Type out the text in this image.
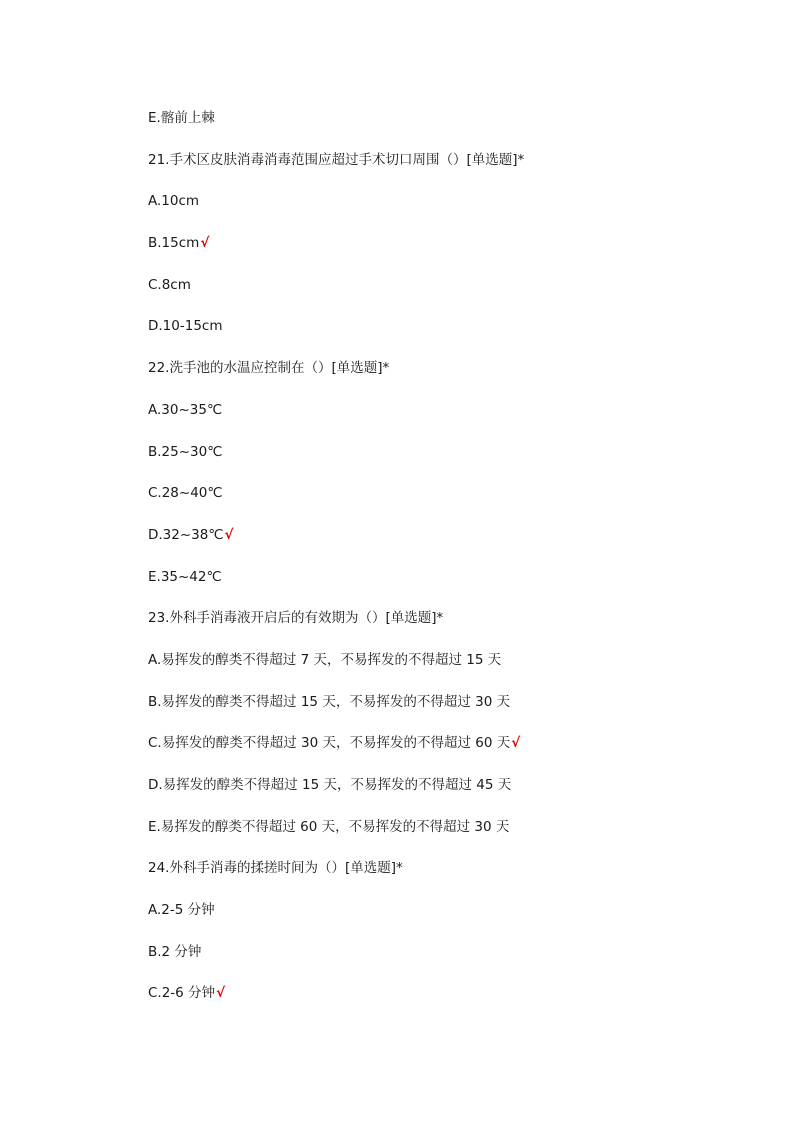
E.髂前上棘
21.手术区皮肤消毒消毒范围应超过手术切口周围（）[单选题]*
A.10cm
B.15cm√
C.8cm
D.10-15cm
22.洗手池的水温应控制在（）[单选题]*
A.30~35℃
B.25~30℃
C.28~40℃
D.32~38℃√
E.35~42℃
23.外科手消毒液开启后的有效期为（）[单选题]*
A.易挥发的醇类不得超过 7 天，不易挥发的不得超过 15 天
B.易挥发的醇类不得超过 15 天，不易挥发的不得超过 30 天
C.易挥发的醇类不得超过 30 天，不易挥发的不得超过 60 天√
D.易挥发的醇类不得超过 15 天，不易挥发的不得超过 45 天
E.易挥发的醇类不得超过 60 天，不易挥发的不得超过 30 天
24.外科手消毒的揉搓时间为（）[单选题]*
A.2-5 分钟
B.2 分钟
C.2-6 分钟√
